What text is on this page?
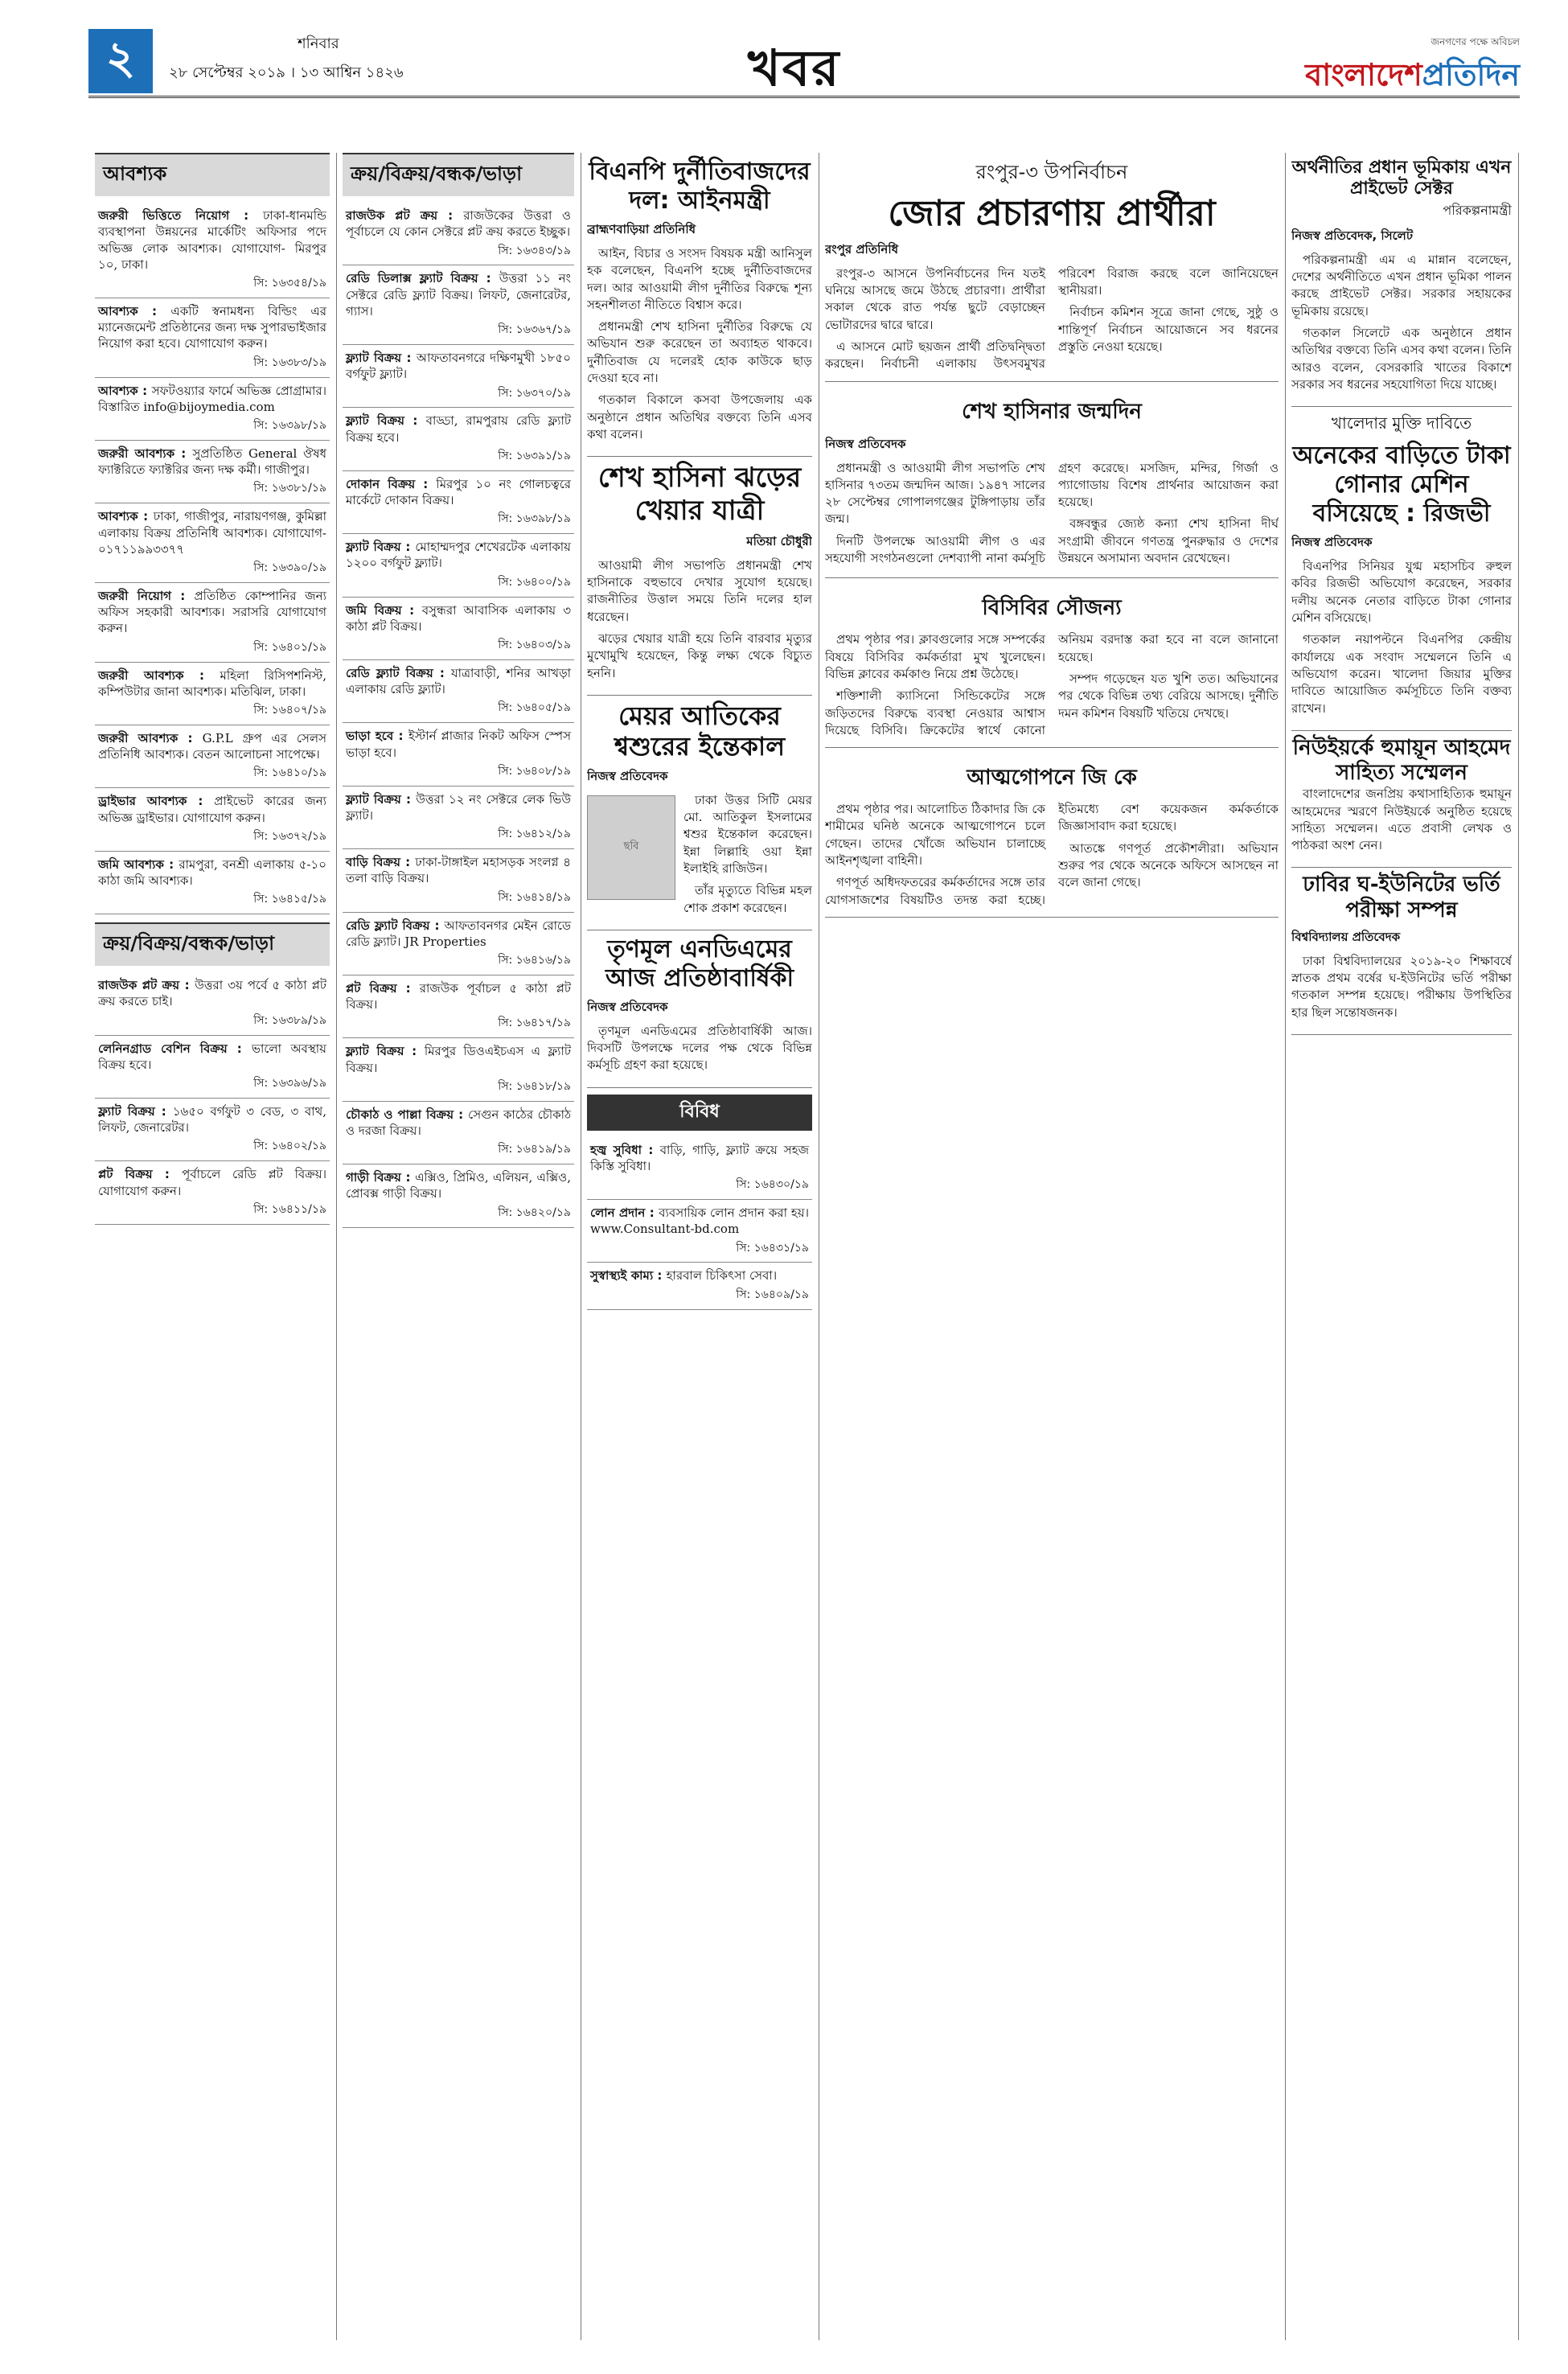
২	শনিবার
২৮ সেপ্টেম্বর ২০১৯ । ১৩ আশ্বিন ১৪২৬	খবর	জনগণের পক্ষে অবিচল
বাংলাদেশপ্রতিদিন
আবশ্যক
জরুরী ভিত্তিতে নিয়োগ : ঢাকা-ধানমন্ডি ব্যবস্থাপনা উন্নয়নের মার্কেটিং অফিসার পদে অভিজ্ঞ লোক আবশ্যক। যোগাযোগ- মিরপুর ১০, ঢাকা।
সি: ১৬৩৫৪/১৯
আবশ্যক : একটি স্বনামধন্য বিল্ডিং এর ম্যানেজমেন্ট প্রতিষ্ঠানের জন্য দক্ষ সুপারভাইজার নিয়োগ করা হবে। যোগাযোগ করুন।
সি: ১৬৩৮৩/১৯
আবশ্যক : সফটওয়্যার ফার্মে অভিজ্ঞ প্রোগ্রামার। বিস্তারিত info@bijoymedia.com
সি: ১৬৩৯৮/১৯
জরুরী আবশ্যক : সুপ্রতিষ্ঠিত General ঔষধ ফ্যাক্টরিতে ফ্যাক্টরির জন্য দক্ষ কর্মী। গাজীপুর।
সি: ১৬৩৮১/১৯
আবশ্যক : ঢাকা, গাজীপুর, নারায়ণগঞ্জ, কুমিল্লা এলাকায় বিক্রয় প্রতিনিধি আবশ্যক। যোগাযোগ- ০১৭১১৯৯৩৩৭৭
সি: ১৬৩৯০/১৯
জরুরী নিয়োগ : প্রতিষ্ঠিত কোম্পানির জন্য অফিস সহকারী আবশ্যক। সরাসরি যোগাযোগ করুন।
সি: ১৬৪০১/১৯
জরুরী আবশ্যক : মহিলা রিসিপশনিস্ট, কম্পিউটার জানা আবশ্যক। মতিঝিল, ঢাকা।
সি: ১৬৪০৭/১৯
জরুরী আবশ্যক : G.P.L গ্রুপ এর সেলস প্রতিনিধি আবশ্যক। বেতন আলোচনা সাপেক্ষে।
সি: ১৬৪১০/১৯
ড্রাইভার আবশ্যক : প্রাইভেট কারের জন্য অভিজ্ঞ ড্রাইভার। যোগাযোগ করুন।
সি: ১৬৩৭২/১৯
জমি আবশ্যক : রামপুরা, বনশ্রী এলাকায় ৫-১০ কাঠা জমি আবশ্যক।
সি: ১৬৪১৫/১৯
ক্রয়/বিক্রয়/বন্ধক/ভাড়া
রাজউক প্লট ক্রয় : উত্তরা ৩য় পর্বে ৫ কাঠা প্লট ক্রয় করতে চাই।
সি: ১৬৩৮৯/১৯
লেনিনগ্রাড বেশিন বিক্রয় : ভালো অবস্থায় বিক্রয় হবে।
সি: ১৬৩৯৬/১৯
ফ্ল্যাট বিক্রয় : ১৬৫০ বর্গফুট ৩ বেড, ৩ বাথ, লিফট, জেনারেটর।
সি: ১৬৪০২/১৯
প্লট বিক্রয় : পূর্বাচলে রেডি প্লট বিক্রয়। যোগাযোগ করুন।
সি: ১৬৪১১/১৯
ক্রয়/বিক্রয়/বন্ধক/ভাড়া
রাজউক প্লট ক্রয় : রাজউকের উত্তরা ও পূর্বাচলে যে কোন সেক্টরে প্লট ক্রয় করতে ইচ্ছুক।
সি: ১৬৩৪৩/১৯
রেডি ডিলাক্স ফ্ল্যাট বিক্রয় : উত্তরা ১১ নং সেক্টরে রেডি ফ্ল্যাট বিক্রয়। লিফট, জেনারেটর, গ্যাস।
সি: ১৬৩৬৭/১৯
ফ্ল্যাট বিক্রয় : আফতাবনগরে দক্ষিণমুখী ১৮৫০ বর্গফুট ফ্ল্যাট।
সি: ১৬৩৭০/১৯
ফ্ল্যাট বিক্রয় : বাড্ডা, রামপুরায় রেডি ফ্ল্যাট বিক্রয় হবে।
সি: ১৬৩৯১/১৯
দোকান বিক্রয় : মিরপুর ১০ নং গোলচত্বরে মার্কেটে দোকান বিক্রয়।
সি: ১৬৩৯৮/১৯
ফ্ল্যাট বিক্রয় : মোহাম্মদপুর শেখেরটেক এলাকায় ১২০০ বর্গফুট ফ্ল্যাট।
সি: ১৬৪০০/১৯
জমি বিক্রয় : বসুন্ধরা আবাসিক এলাকায় ৩ কাঠা প্লট বিক্রয়।
সি: ১৬৪০৩/১৯
রেডি ফ্ল্যাট বিক্রয় : যাত্রাবাড়ী, শনির আখড়া এলাকায় রেডি ফ্ল্যাট।
সি: ১৬৪০৫/১৯
ভাড়া হবে : ইস্টার্ন প্লাজার নিকট অফিস স্পেস ভাড়া হবে।
সি: ১৬৪০৮/১৯
ফ্ল্যাট বিক্রয় : উত্তরা ১২ নং সেক্টরে লেক ভিউ ফ্ল্যাট।
সি: ১৬৪১২/১৯
বাড়ি বিক্রয় : ঢাকা-টাঙ্গাইল মহাসড়ক সংলগ্ন ৪ তলা বাড়ি বিক্রয়।
সি: ১৬৪১৪/১৯
রেডি ফ্ল্যাট বিক্রয় : আফতাবনগর মেইন রোডে রেডি ফ্ল্যাট। JR Properties
সি: ১৬৪১৬/১৯
প্লট বিক্রয় : রাজউক পূর্বাচল ৫ কাঠা প্লট বিক্রয়।
সি: ১৬৪১৭/১৯
ফ্ল্যাট বিক্রয় : মিরপুর ডিওএইচএস এ ফ্ল্যাট বিক্রয়।
সি: ১৬৪১৮/১৯
চৌকাঠ ও পাল্লা বিক্রয় : সেগুন কাঠের চৌকাঠ ও দরজা বিক্রয়।
সি: ১৬৪১৯/১৯
গাড়ী বিক্রয় : এক্সিও, প্রিমিও, এলিয়ন, এক্সিও, প্রোবক্স গাড়ী বিক্রয়।
সি: ১৬৪২০/১৯
বিএনপি দুর্নীতিবাজদের দল: আইনমন্ত্রী
ব্রাহ্মণবাড়িয়া প্রতিনিধি

আইন, বিচার ও সংসদ বিষয়ক মন্ত্রী আনিসুল হক বলেছেন, বিএনপি হচ্ছে দুর্নীতিবাজদের দল। আর আওয়ামী লীগ দুর্নীতির বিরুদ্ধে শূন্য সহনশীলতা নীতিতে বিশ্বাস করে।

প্রধানমন্ত্রী শেখ হাসিনা দুর্নীতির বিরুদ্ধে যে অভিযান শুরু করেছেন তা অব্যাহত থাকবে। দুর্নীতিবাজ যে দলেরই হোক কাউকে ছাড় দেওয়া হবে না।

গতকাল বিকালে কসবা উপজেলায় এক অনুষ্ঠানে প্রধান অতিথির বক্তব্যে তিনি এসব কথা বলেন।

শেখ হাসিনা ঝড়ের খেয়ার যাত্রী
মতিয়া চৌধুরী

আওয়ামী লীগ সভাপতি প্রধানমন্ত্রী শেখ হাসিনাকে বহুভাবে দেখার সুযোগ হয়েছে। রাজনীতির উত্তাল সময়ে তিনি দলের হাল ধরেছেন।

ঝড়ের খেয়ার যাত্রী হয়ে তিনি বারবার মৃত্যুর মুখোমুখি হয়েছেন, কিন্তু লক্ষ্য থেকে বিচ্যুত হননি।

মেয়র আতিকের শ্বশুরের ইন্তেকাল
নিজস্ব প্রতিবেদক
ছবি

ঢাকা উত্তর সিটি মেয়র মো. আতিকুল ইসলামের শ্বশুর ইন্তেকাল করেছেন। ইন্না লিল্লাহি ওয়া ইন্না ইলাইহি রাজিউন।

তাঁর মৃত্যুতে বিভিন্ন মহল শোক প্রকাশ করেছেন।

তৃণমূল এনডিএমের আজ প্রতিষ্ঠাবার্ষিকী
নিজস্ব প্রতিবেদক

তৃণমূল এনডিএমের প্রতিষ্ঠাবার্ষিকী আজ। দিবসটি উপলক্ষে দলের পক্ষ থেকে বিভিন্ন কর্মসূচি গ্রহণ করা হয়েছে।

বিবিধ
হজ্ব সুবিধা : বাড়ি, গাড়ি, ফ্ল্যাট ক্রয়ে সহজ কিস্তি সুবিধা।
সি: ১৬৪৩০/১৯
লোন প্রদান : ব্যবসায়িক লোন প্রদান করা হয়। www.Consultant-bd.com
সি: ১৬৪৩১/১৯
সুস্বাস্থ্যই কাম্য : হারবাল চিকিৎসা সেবা।
সি: ১৬৪০৯/১৯
রংপুর-৩ উপনির্বাচন
জোর প্রচারণায় প্রার্থীরা
রংপুর প্রতিনিধি

রংপুর-৩ আসনে উপনির্বাচনের দিন যতই ঘনিয়ে আসছে জমে উঠছে প্রচারণা। প্রার্থীরা সকাল থেকে রাত পর্যন্ত ছুটে বেড়াচ্ছেন ভোটারদের দ্বারে দ্বারে।

এ আসনে মোট ছয়জন প্রার্থী প্রতিদ্বন্দ্বিতা করছেন। নির্বাচনী এলাকায় উৎসবমুখর পরিবেশ বিরাজ করছে বলে জানিয়েছেন স্থানীয়রা।

নির্বাচন কমিশন সূত্রে জানা গেছে, সুষ্ঠু ও শান্তিপূর্ণ নির্বাচন আয়োজনে সব ধরনের প্রস্তুতি নেওয়া হয়েছে।

শেখ হাসিনার জন্মদিন
নিজস্ব প্রতিবেদক

প্রধানমন্ত্রী ও আওয়ামী লীগ সভাপতি শেখ হাসিনার ৭৩তম জন্মদিন আজ। ১৯৪৭ সালের ২৮ সেপ্টেম্বর গোপালগঞ্জের টুঙ্গিপাড়ায় তাঁর জন্ম।

দিনটি উপলক্ষে আওয়ামী লীগ ও এর সহযোগী সংগঠনগুলো দেশব্যাপী নানা কর্মসূচি গ্রহণ করেছে। মসজিদ, মন্দির, গির্জা ও প্যাগোডায় বিশেষ প্রার্থনার আয়োজন করা হয়েছে।

বঙ্গবন্ধুর জ্যেষ্ঠ কন্যা শেখ হাসিনা দীর্ঘ সংগ্রামী জীবনে গণতন্ত্র পুনরুদ্ধার ও দেশের উন্নয়নে অসামান্য অবদান রেখেছেন।

বিসিবির সৌজন্য

প্রথম পৃষ্ঠার পর। ক্লাবগুলোর সঙ্গে সম্পর্কের বিষয়ে বিসিবির কর্মকর্তারা মুখ খুলেছেন। বিভিন্ন ক্লাবের কর্মকাণ্ড নিয়ে প্রশ্ন উঠেছে।

শক্তিশালী ক্যাসিনো সিন্ডিকেটের সঙ্গে জড়িতদের বিরুদ্ধে ব্যবস্থা নেওয়ার আশ্বাস দিয়েছে বিসিবি। ক্রিকেটের স্বার্থে কোনো অনিয়ম বরদাস্ত করা হবে না বলে জানানো হয়েছে।

সম্পদ গড়েছেন যত খুশি তত। অভিযানের পর থেকে বিভিন্ন তথ্য বেরিয়ে আসছে। দুর্নীতি দমন কমিশন বিষয়টি খতিয়ে দেখছে।

আত্মগোপনে জি কে

প্রথম পৃষ্ঠার পর। আলোচিত ঠিকাদার জি কে শামীমের ঘনিষ্ঠ অনেকে আত্মগোপনে চলে গেছেন। তাদের খোঁজে অভিযান চালাচ্ছে আইনশৃঙ্খলা বাহিনী।

গণপূর্ত অধিদফতরের কর্মকর্তাদের সঙ্গে তার যোগসাজশের বিষয়টিও তদন্ত করা হচ্ছে। ইতিমধ্যে বেশ কয়েকজন কর্মকর্তাকে জিজ্ঞাসাবাদ করা হয়েছে।

আতঙ্কে গণপূর্ত প্রকৌশলীরা। অভিযান শুরুর পর থেকে অনেকে অফিসে আসছেন না বলে জানা গেছে।

অর্থনীতির প্রধান ভূমিকায় এখন প্রাইভেট সেক্টর
পরিকল্পনামন্ত্রী
নিজস্ব প্রতিবেদক, সিলেট

পরিকল্পনামন্ত্রী এম এ মান্নান বলেছেন, দেশের অর্থনীতিতে এখন প্রধান ভূমিকা পালন করছে প্রাইভেট সেক্টর। সরকার সহায়কের ভূমিকায় রয়েছে।

গতকাল সিলেটে এক অনুষ্ঠানে প্রধান অতিথির বক্তব্যে তিনি এসব কথা বলেন। তিনি আরও বলেন, বেসরকারি খাতের বিকাশে সরকার সব ধরনের সহযোগিতা দিয়ে যাচ্ছে।

খালেদার মুক্তি দাবিতে
অনেকের বাড়িতে টাকা গোনার মেশিন বসিয়েছে : রিজভী
নিজস্ব প্রতিবেদক

বিএনপির সিনিয়র যুগ্ম মহাসচিব রুহুল কবির রিজভী অভিযোগ করেছেন, সরকার দলীয় অনেক নেতার বাড়িতে টাকা গোনার মেশিন বসিয়েছে।

গতকাল নয়াপল্টনে বিএনপির কেন্দ্রীয় কার্যালয়ে এক সংবাদ সম্মেলনে তিনি এ অভিযোগ করেন। খালেদা জিয়ার মুক্তির দাবিতে আয়োজিত কর্মসূচিতে তিনি বক্তব্য রাখেন।

নিউইয়র্কে হুমায়ূন আহমেদ সাহিত্য সম্মেলন

বাংলাদেশের জনপ্রিয় কথাসাহিত্যিক হুমায়ূন আহমেদের স্মরণে নিউইয়র্কে অনুষ্ঠিত হয়েছে সাহিত্য সম্মেলন। এতে প্রবাসী লেখক ও পাঠকরা অংশ নেন।

ঢাবির ঘ-ইউনিটের ভর্তি পরীক্ষা সম্পন্ন
বিশ্ববিদ্যালয় প্রতিবেদক

ঢাকা বিশ্ববিদ্যালয়ের ২০১৯-২০ শিক্ষাবর্ষে স্নাতক প্রথম বর্ষের ঘ-ইউনিটের ভর্তি পরীক্ষা গতকাল সম্পন্ন হয়েছে। পরীক্ষায় উপস্থিতির হার ছিল সন্তোষজনক।
